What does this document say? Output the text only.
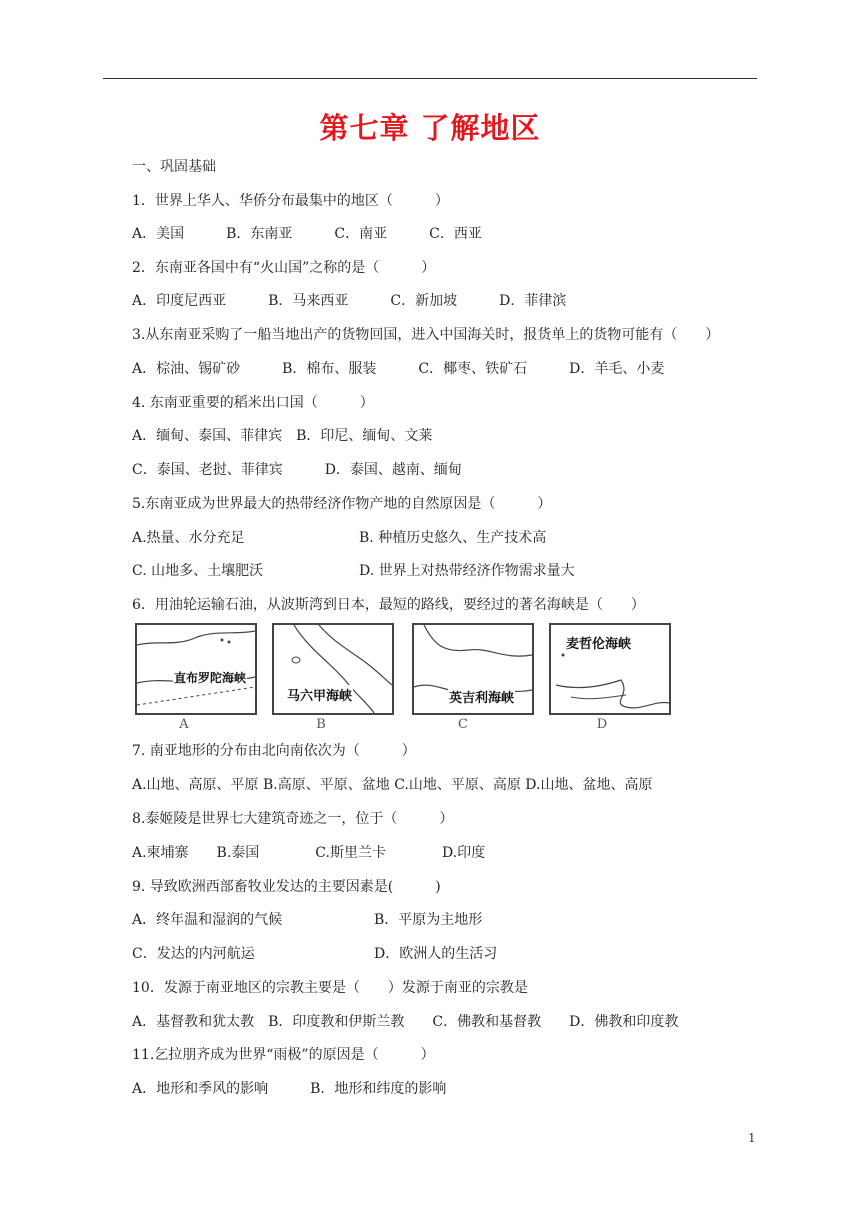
第七章 了解地区
一、巩固基础
1．世界上华人、华侨分布最集中的地区（　　　）
A．美国　　　B．东南亚　　　C．南亚　　　C．西亚
2．东南亚各国中有“火山国”之称的是（　　　）
A．印度尼西亚　　　B．马来西亚　　　C．新加坡　　　D．菲律滨
3.从东南亚采购了一船当地出产的货物回国，进入中国海关时，报货单上的货物可能有（　　）
A．棕油、锡矿砂　　　B．棉布、服装　　　C．椰枣、铁矿石　　　D．羊毛、小麦
4. 东南亚重要的稻米出口国（　　　）
A．缅甸、泰国、菲律宾　B．印尼、缅甸、文莱
C．泰国、老挝、菲律宾　　　D．泰国、越南、缅甸
5.东南亚成为世界最大的热带经济作物产地的自然原因是（　　　）
A.热量、水分充足	B. 种植历史悠久、生产技术高
C. 山地多、土壤肥沃	D. 世界上对热带经济作物需求量大
6．用油轮运输石油，从波斯湾到日本，最短的路线，要经过的著名海峡是（　　）
直布罗陀海峡
马六甲海峡	英吉利海峡
麦哲伦海峡
A	B	C	D
7. 南亚地形的分布由北向南依次为（　　　）
A.山地、高原、平原 B.高原、平原、盆地 C.山地、平原、高原 D.山地、盆地、高原
8.泰姬陵是世界七大建筑奇迹之一，位于（　　　）
A.柬埔寨　　B.泰国　　　　C.斯里兰卡　　　　D.印度
9. 导致欧洲西部畜牧业发达的主要因素是(　　　)
A．终年温和湿润的气候	B．平原为主地形
C．发达的内河航运	D．欧洲人的生活习
10．发源于南亚地区的宗教主要是（　　）发源于南亚的宗教是
A．基督教和犹太教　B．印度教和伊斯兰教　　C．佛教和基督教　　D．佛教和印度教
11.乞拉朋齐成为世界“雨极”的原因是（　　　）
A．地形和季风的影响　　　B．地形和纬度的影响
1
